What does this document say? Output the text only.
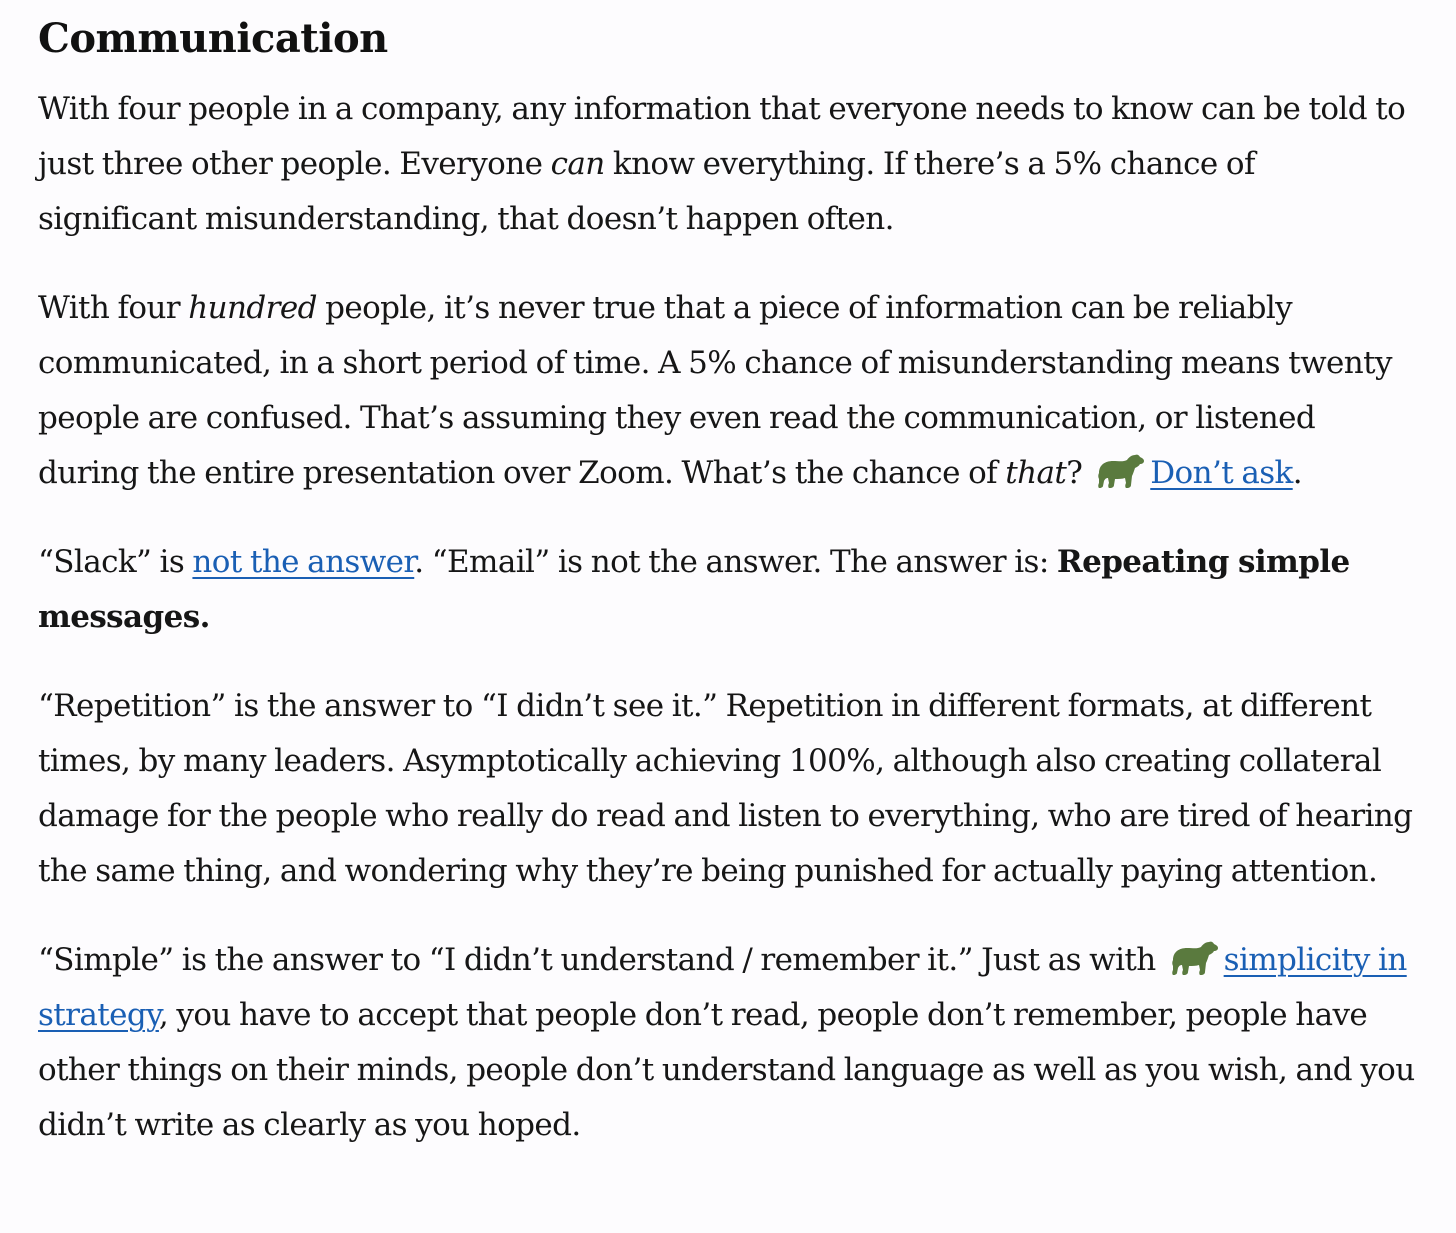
Communication

With four people in a company, any information that everyone needs to know can be told to just three other people. Everyone can know everything. If there’s a 5% chance of significant misunderstanding, that doesn’t happen often.

With four hundred people, it’s never true that a piece of information can be reliably communicated, in a short period of time. A 5% chance of misunderstanding means twenty people are confused. That’s assuming they even read the communication, or listened during the entire presentation over Zoom. What’s the chance of that? Don’t ask.

“Slack” is not the answer. “Email” is not the answer. The answer is: Repeating simple messages.

“Repetition” is the answer to “I didn’t see it.” Repetition in different formats, at different times, by many leaders. Asymptotically achieving 100%, although also creating collateral damage for the people who really do read and listen to everything, who are tired of hearing the same thing, and wondering why they’re being punished for actually paying attention.

“Simple” is the answer to “I didn’t understand / remember it.” Just as with simplicity in strategy, you have to accept that people don’t read, people don’t remember, people have other things on their minds, people don’t understand language as well as you wish, and you didn’t write as clearly as you hoped.
